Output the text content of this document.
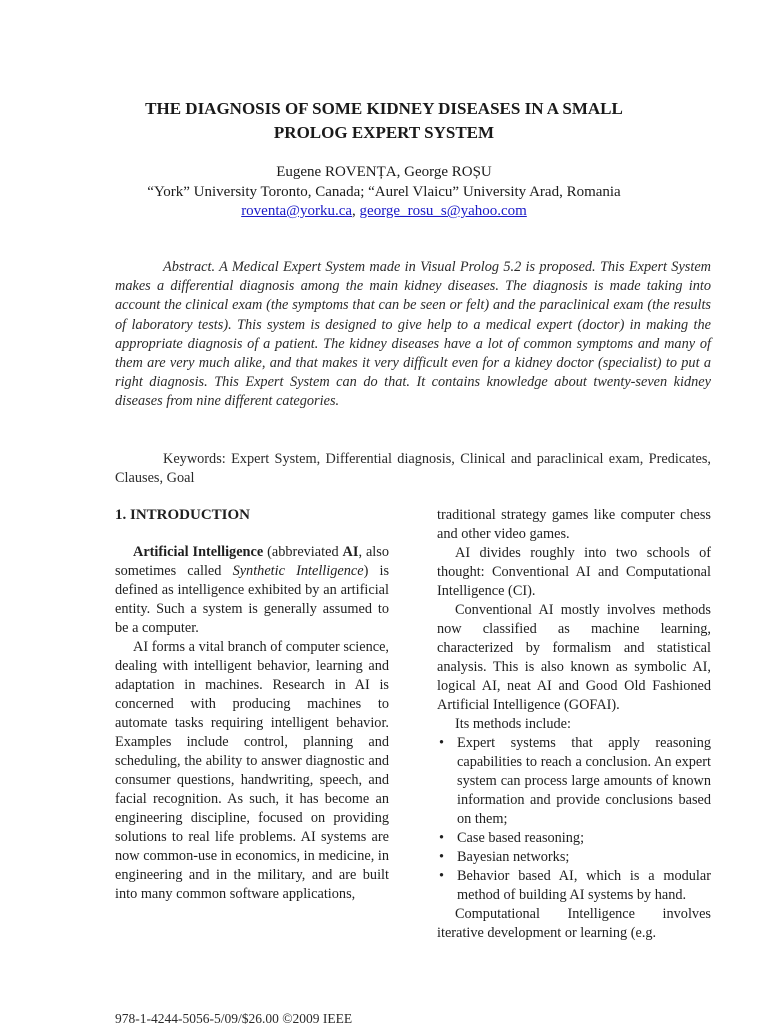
THE DIAGNOSIS OF SOME KIDNEY DISEASES IN A SMALL
PROLOG EXPERT SYSTEM
Eugene ROVENȚA, George ROȘU
“York” University Toronto, Canada; “Aurel Vlaicu” University Arad, Romania
roventa@yorku.ca, george_rosu_s@yahoo.com
Abstract. A Medical Expert System made in Visual Prolog 5.2 is proposed. This Expert System makes a differential diagnosis among the main kidney diseases. The diagnosis is made taking into account the clinical exam (the symptoms that can be seen or felt) and the paraclinical exam (the results of laboratory tests). This system is designed to give help to a medical expert (doctor) in making the appropriate diagnosis of a patient. The kidney diseases have a lot of common symptoms and many of them are very much alike, and that makes it very difficult even for a kidney doctor (specialist) to put a right diagnosis. This Expert System can do that. It contains knowledge about twenty-seven kidney diseases from nine different categories.
Keywords: Expert System, Differential diagnosis, Clinical and paraclinical exam, Predicates, Clauses, Goal
1. INTRODUCTION

Artificial Intelligence (abbreviated AI, also sometimes called Synthetic Intelligence) is defined as intelligence exhibited by an artificial entity. Such a system is generally assumed to be a computer.

AI forms a vital branch of computer science, dealing with intelligent behavior, learning and adaptation in machines. Research in AI is concerned with producing machines to automate tasks requiring intelligent behavior. Examples include control, planning and scheduling, the ability to answer diagnostic and consumer questions, handwriting, speech, and facial recognition. As such, it has become an engineering discipline, focused on providing solutions to real life problems. AI systems are now common-use in economics, in medicine, in engineering and in the military, and are built into many common software applications,

traditional strategy games like computer chess and other video games.

AI divides roughly into two schools of thought: Conventional AI and Computational Intelligence (CI).

Conventional AI mostly involves methods now classified as machine learning, characterized by formalism and statistical analysis. This is also known as symbolic AI, logical AI, neat AI and Good Old Fashioned Artificial Intelligence (GOFAI).

Its methods include:

• Expert systems that apply reasoning capabilities to reach a conclusion. An expert system can process large amounts of known information and provide conclusions based on them;
• Case based reasoning;
• Bayesian networks;
• Behavior based AI, which is a modular method of building AI systems by hand.

Computational Intelligence involves iterative development or learning (e.g.

978-1-4244-5056-5/09/$26.00 ©2009 IEEE
